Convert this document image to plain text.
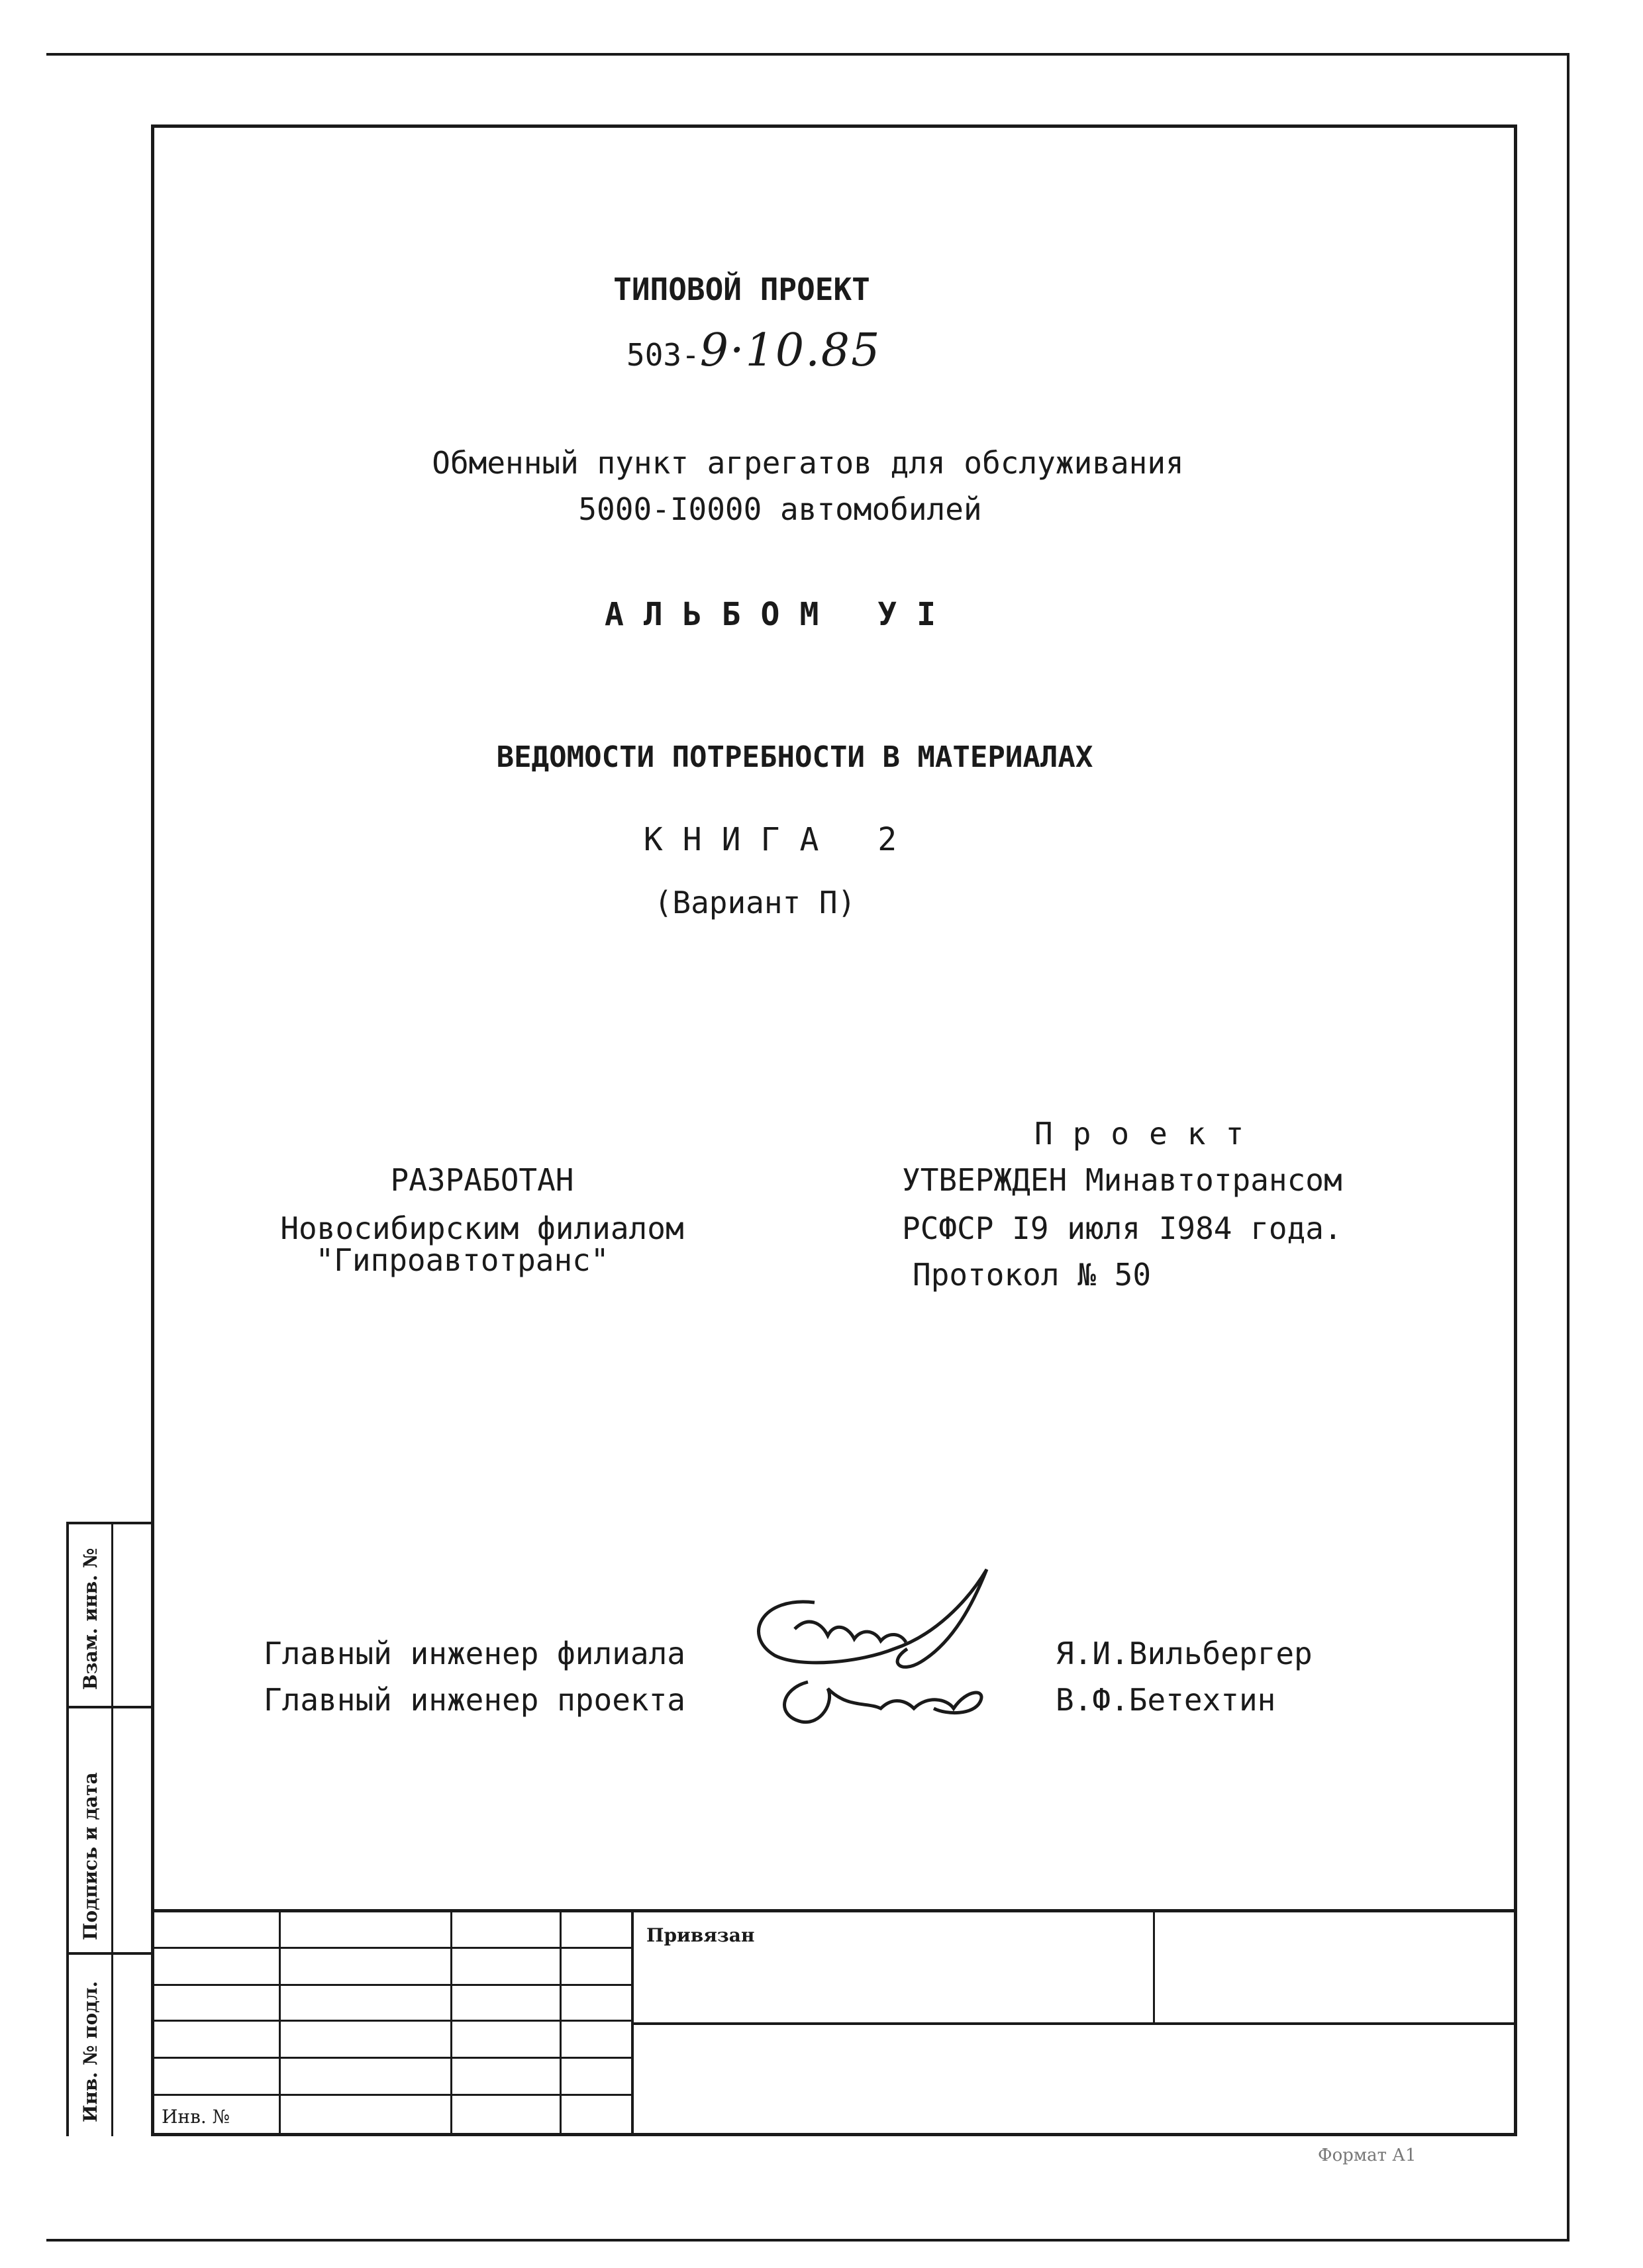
Взам. инв. №
Подпись и дата
Инв. № подл.
ТИПОВОЙ ПРОЕКТ
503-9·10.85
Обменный пункт агрегатов для обслуживания
5000-I0000 автомобилей
АЛЬБОМ УI
ВЕДОМОСТИ ПОТРЕБНОСТИ В МАТЕРИАЛАХ
КНИГА 2
(Вариант П)
РАЗРАБОТАН
Новосибирским филиалом
"Гипроавтотранс"
Проект
УТВЕРЖДЕН Минавтотрансом
РСФСР I9 июля I984 года.
Протокол № 50
Главный инженер филиала
Главный инженер проекта
Я.И.Вильбергер
В.Ф.Бетехтин
Привязан
Инв. №
Формат А1
